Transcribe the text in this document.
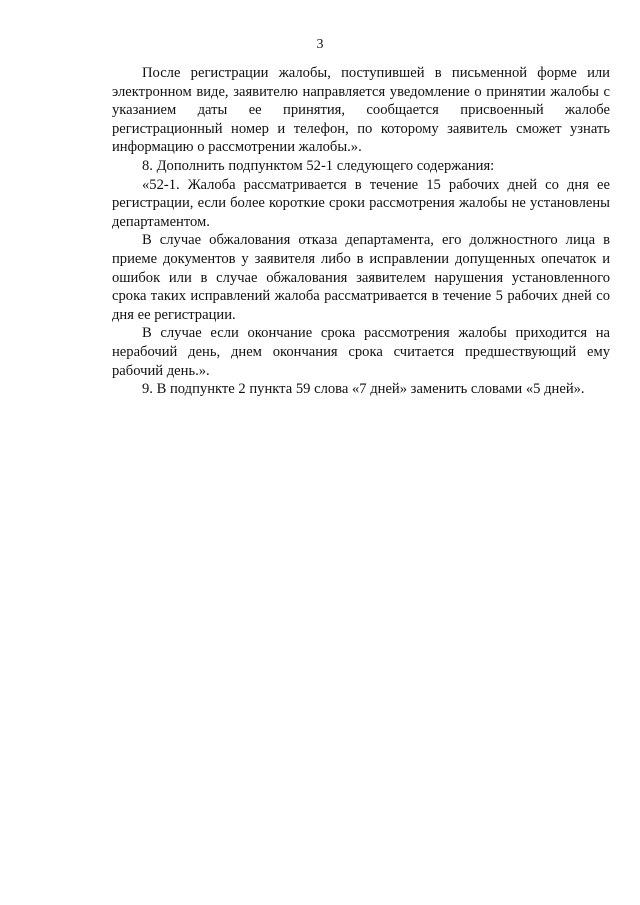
3

После регистрации жалобы, поступившей в письменной форме или электронном виде, заявителю направляется уведомление о принятии жалобы с указанием даты ее принятия, сообщается присвоенный жалобе регистрационный номер и телефон, по которому заявитель сможет узнать информацию о рассмотрении жалобы.».

8. Дополнить подпунктом 52-1 следующего содержания:

«52-1. Жалоба рассматривается в течение 15 рабочих дней со дня ее регистрации, если более короткие сроки рассмотрения жалобы не установлены департаментом.

В случае обжалования отказа департамента, его должностного лица в приеме документов у заявителя либо в исправлении допущенных опечаток и ошибок или в случае обжалования заявителем нарушения установленного срока таких исправлений жалоба рассматривается в течение 5 рабочих дней со дня ее регистрации.

В случае если окончание срока рассмотрения жалобы приходится на нерабочий день, днем окончания срока считается предшествующий ему рабочий день.».

9. В подпункте 2 пункта 59 слова «7 дней» заменить словами «5 дней».
